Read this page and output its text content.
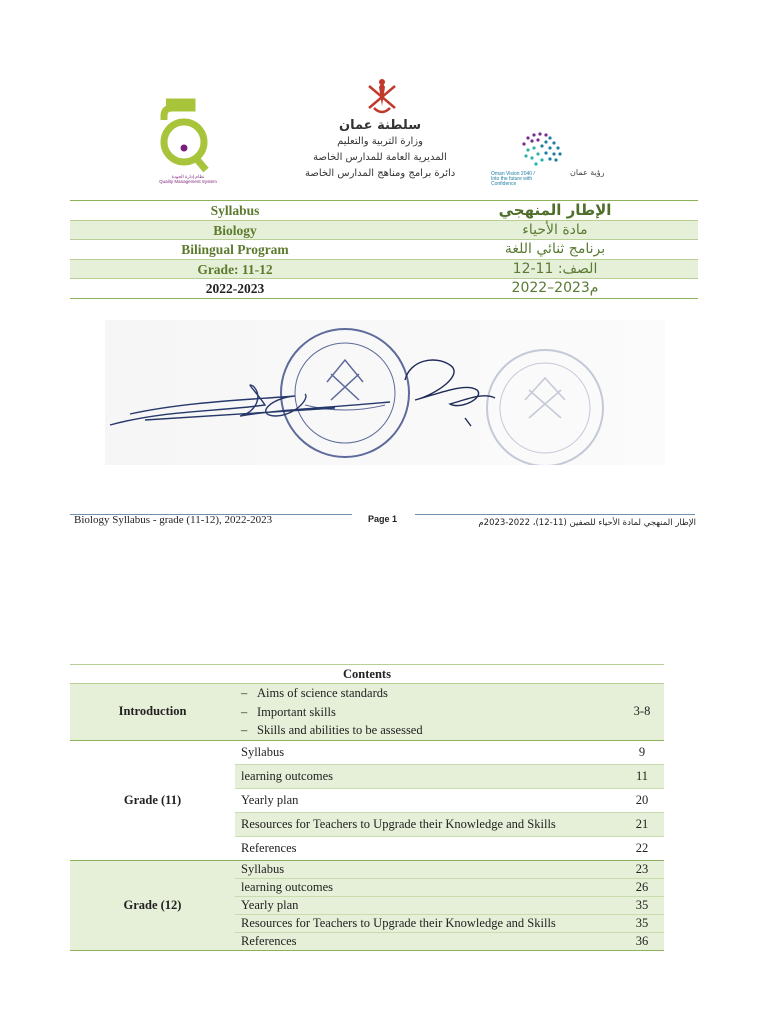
نظام إدارة الجودة
Quality Management System
سلطنة عمان
وزارة التربية والتعليم
المديرية العامة للمدارس الخاصة
دائرة برامج ومناهج المدارس الخاصة	Oman Vision 2040 / Into the future with Confidence
رؤية عمان
Syllabus	الإطار المنهجي
Biology	مادة الأحياء
Bilingual Program	برنامج ثنائي اللغة
Grade: 11-12	الصف: 11-12
2022-2023	2022–2023م
Biology Syllabus - grade (11-12), 2022-2023	Page 1	الإطار المنهجي لمادة الأحياء للصفين (11-12)، 2022-2023م
Contents		
Introduction	– Aims of science standards
– Important skills
– Skills and abilities to be assessed	3-8
Grade (11)	Syllabus	9
	learning outcomes	11
	Yearly plan	20
	Resources for Teachers to Upgrade their Knowledge and Skills	21
	References	22
Grade (12)	Syllabus	23
	learning outcomes	26
	Yearly plan	35
	Resources for Teachers to Upgrade their Knowledge and Skills	35
	References	36
